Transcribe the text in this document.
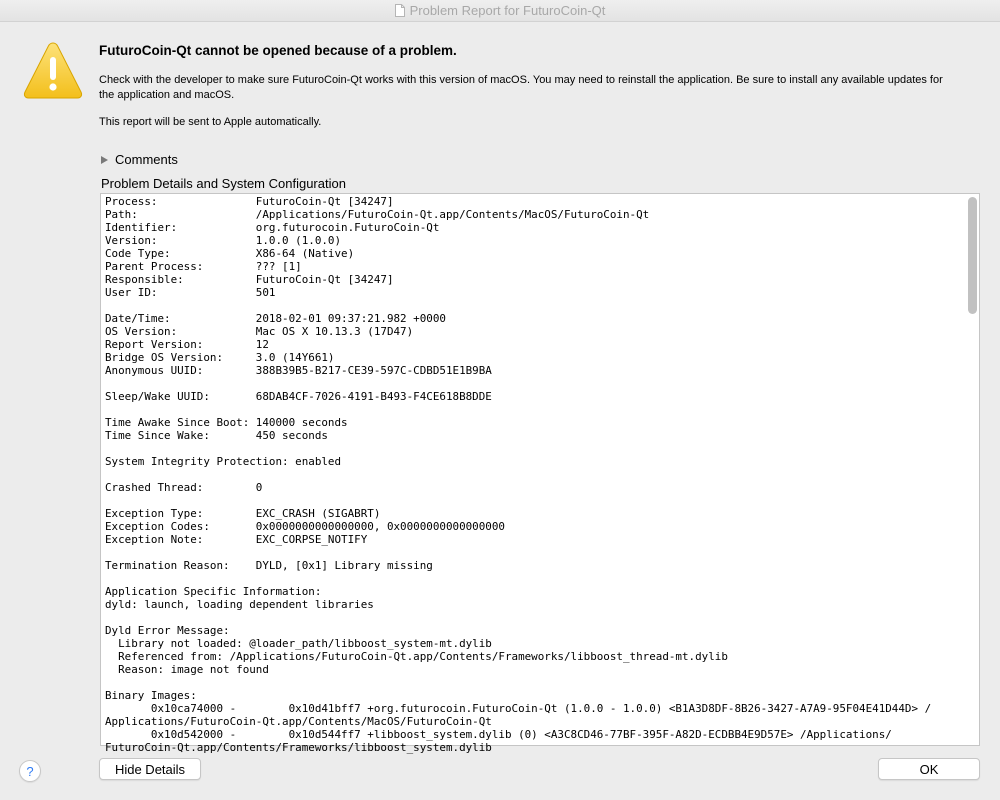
Problem Report for FuturoCoin-Qt
FuturoCoin-Qt cannot be opened because of a problem.
Check with the developer to make sure FuturoCoin-Qt works with this version of macOS. You may need to reinstall the application. Be sure to install any available updates for the application and macOS.
This report will be sent to Apple automatically.
Comments
Problem Details and System Configuration
Process:               FuturoCoin-Qt [34247]
Path:                  /Applications/FuturoCoin-Qt.app/Contents/MacOS/FuturoCoin-Qt
Identifier:            org.futurocoin.FuturoCoin-Qt
Version:               1.0.0 (1.0.0)
Code Type:             X86-64 (Native)
Parent Process:        ??? [1]
Responsible:           FuturoCoin-Qt [34247]
User ID:               501

Date/Time:             2018-02-01 09:37:21.982 +0000
OS Version:            Mac OS X 10.13.3 (17D47)
Report Version:        12
Bridge OS Version:     3.0 (14Y661)
Anonymous UUID:        388B39B5-B217-CE39-597C-CDBD51E1B9BA

Sleep/Wake UUID:       68DAB4CF-7026-4191-B493-F4CE618B8DDE

Time Awake Since Boot: 140000 seconds
Time Since Wake:       450 seconds

System Integrity Protection: enabled

Crashed Thread:        0

Exception Type:        EXC_CRASH (SIGABRT)
Exception Codes:       0x0000000000000000, 0x0000000000000000
Exception Note:        EXC_CORPSE_NOTIFY

Termination Reason:    DYLD, [0x1] Library missing

Application Specific Information:
dyld: launch, loading dependent libraries

Dyld Error Message:
Library not loaded: @loader_path/libboost_system-mt.dylib
Referenced from: /Applications/FuturoCoin-Qt.app/Contents/Frameworks/libboost_thread-mt.dylib
Reason: image not found

Binary Images:
0x10ca74000 -        0x10d41bff7 +org.futurocoin.FuturoCoin-Qt (1.0.0 - 1.0.0) <B1A3D8DF-8B26-3427-A7A9-95F04E41D44D> /
Applications/FuturoCoin-Qt.app/Contents/MacOS/FuturoCoin-Qt
0x10d542000 -        0x10d544ff7 +libboost_system.dylib (0) <A3C8CD46-77BF-395F-A82D-ECDBB4E9D57E> /Applications/
FuturoCoin-Qt.app/Contents/Frameworks/libboost_system.dylib
?	Hide Details	OK
